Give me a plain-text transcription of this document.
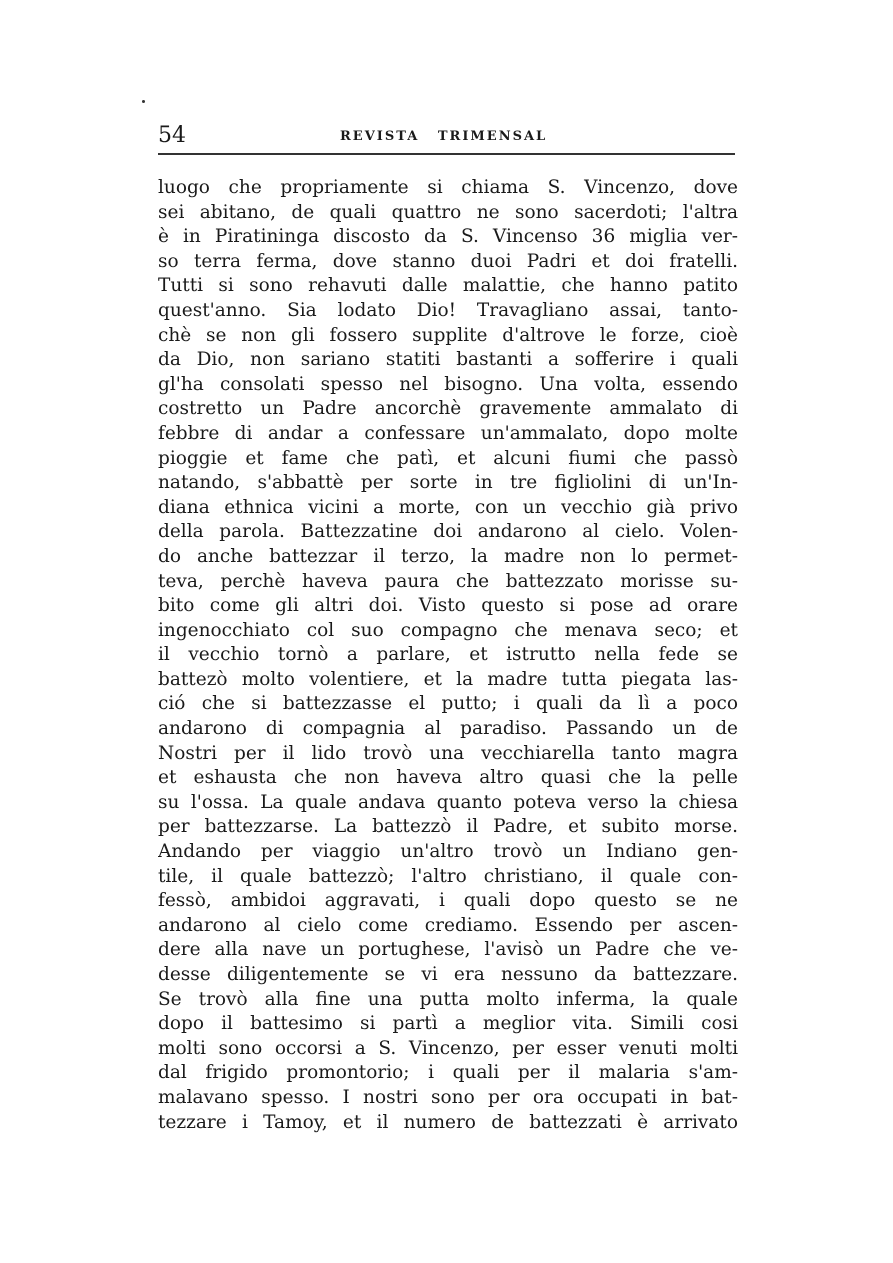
54	REVISTA TRIMENSAL
luogo che propriamente si chiama S. Vincenzo, dove
sei abitano, de quali quattro ne sono sacerdoti; l'altra
è in Piratininga discosto da S. Vincenso 36 miglia ver-
so terra ferma, dove stanno duoi Padri et doi fratelli.
Tutti si sono rehavuti dalle malattie, che hanno patito
quest'anno. Sia lodato Dio! Travagliano assai, tanto-
chè se non gli fossero supplite d'altrove le forze, cioè
da Dio, non sariano statiti bastanti a sofferire i quali
gl'ha consolati spesso nel bisogno. Una volta, essendo
costretto un Padre ancorchè gravemente ammalato di
febbre di andar a confessare un'ammalato, dopo molte
pioggie et fame che patì, et alcuni fiumi che passò
natando, s'abbattè per sorte in tre figliolini di un'In-
diana ethnica vicini a morte, con un vecchio già privo
della parola. Battezzatine doi andarono al cielo. Volen-
do anche battezzar il terzo, la madre non lo permet-
teva, perchè haveva paura che battezzato morisse su-
bito come gli altri doi. Visto questo si pose ad orare
ingenocchiato col suo compagno che menava seco; et
il vecchio tornò a parlare, et istrutto nella fede se
battezò molto volentiere, et la madre tutta piegata las-
ció che si battezzasse el putto; i quali da lì a poco
andarono di compagnia al paradiso. Passando un de
Nostri per il lido trovò una vecchiarella tanto magra
et eshausta che non haveva altro quasi che la pelle
su l'ossa. La quale andava quanto poteva verso la chiesa
per battezzarse. La battezzò il Padre, et subito morse.
Andando per viaggio un'altro trovò un Indiano gen-
tile, il quale battezzò; l'altro christiano, il quale con-
fessò, ambidoi aggravati, i quali dopo questo se ne
andarono al cielo come crediamo. Essendo per ascen-
dere alla nave un portughese, l'avisò un Padre che ve-
desse diligentemente se vi era nessuno da battezzare.
Se trovò alla fine una putta molto inferma, la quale
dopo il battesimo si partì a meglior vita. Simili cosi
molti sono occorsi a S. Vincenzo, per esser venuti molti
dal frigido promontorio; i quali per il malaria s'am-
malavano spesso. I nostri sono per ora occupati in bat-
tezzare i Tamoy, et il numero de battezzati è arrivato
